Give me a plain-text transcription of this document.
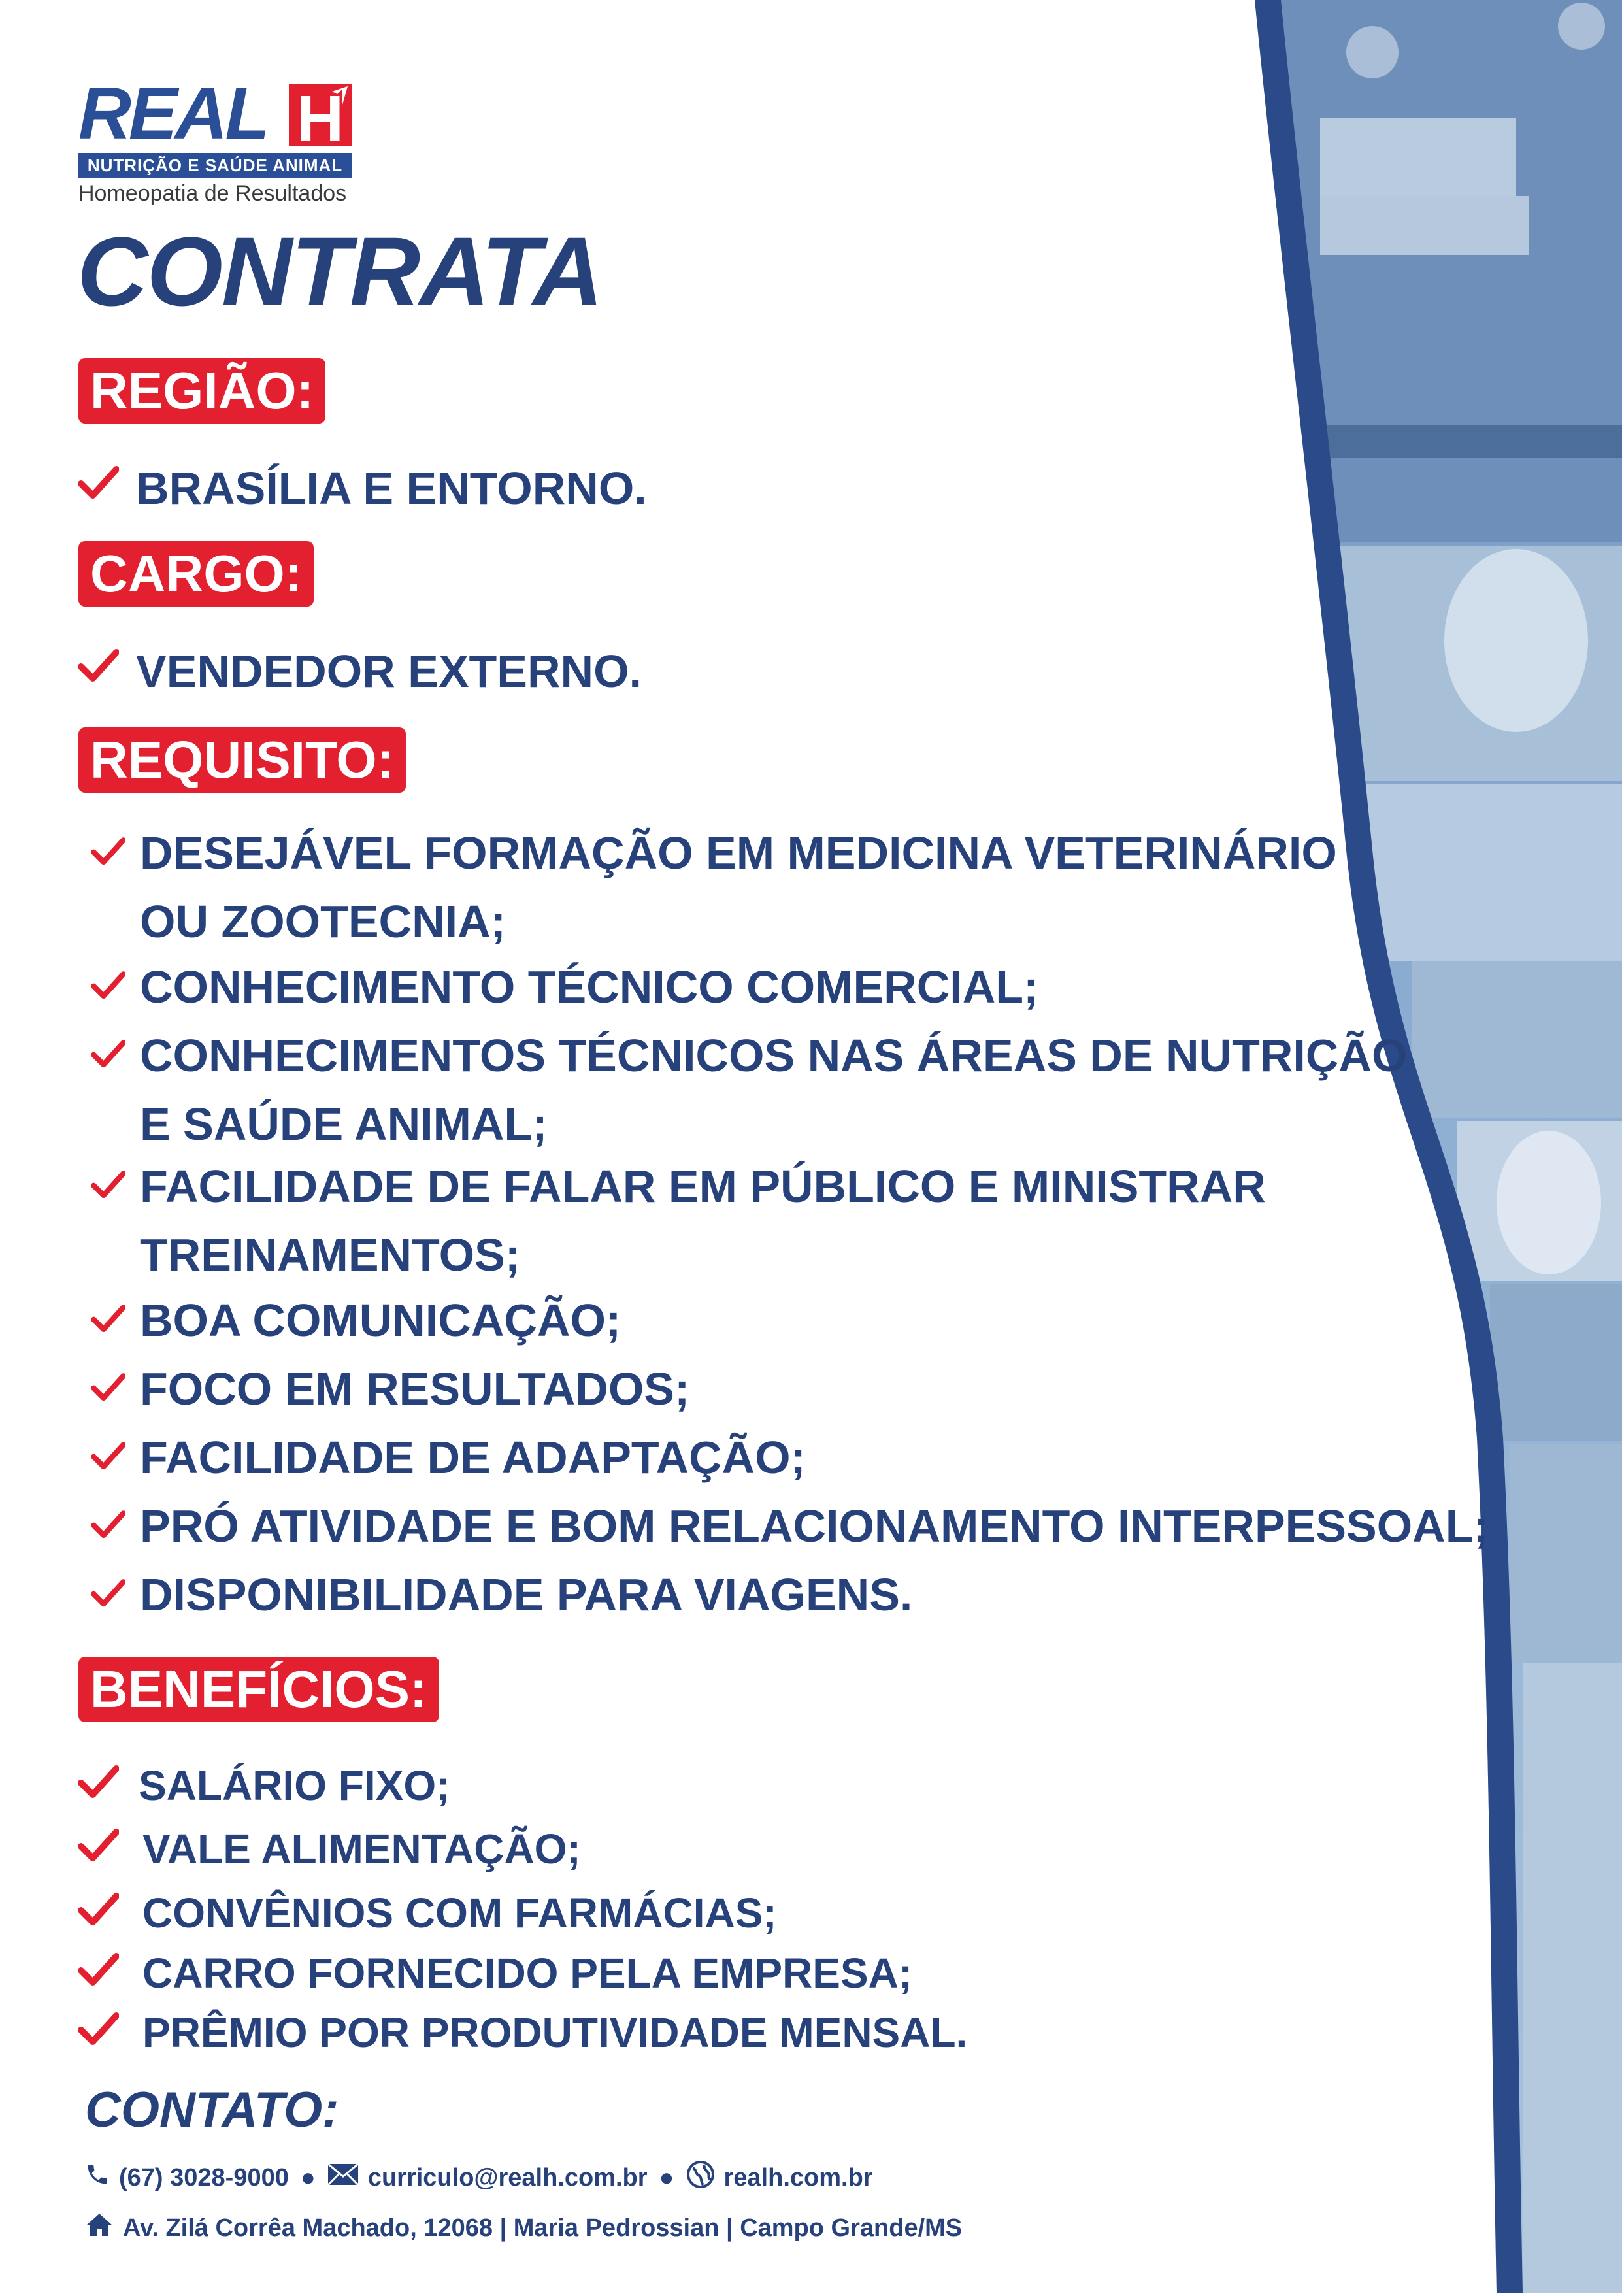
REAL H
NUTRIÇÃO E SAÚDE ANIMAL
Homeopatia de Resultados
CONTRATA
REGIÃO:
BRASÍLIA E ENTORNO.
CARGO:
VENDEDOR EXTERNO.
REQUISITO:
DESEJÁVEL FORMAÇÃO EM MEDICINA VETERINÁRIO
OU ZOOTECNIA;
CONHECIMENTO TÉCNICO COMERCIAL;
CONHECIMENTOS TÉCNICOS NAS ÁREAS DE NUTRIÇÃO
E SAÚDE ANIMAL;
FACILIDADE DE FALAR EM PÚBLICO E MINISTRAR
TREINAMENTOS;
BOA COMUNICAÇÃO;
FOCO EM RESULTADOS;
FACILIDADE DE ADAPTAÇÃO;
PRÓ ATIVIDADE E BOM RELACIONAMENTO INTERPESSOAL;
DISPONIBILIDADE PARA VIAGENS.
BENEFÍCIOS:
SALÁRIO FIXO;
VALE ALIMENTAÇÃO;
CONVÊNIOS COM FARMÁCIAS;
CARRO FORNECIDO PELA EMPRESA;
PRÊMIO POR PRODUTIVIDADE MENSAL.
CONTATO:
(67) 3028-9000 ● curriculo@realh.com.br ● realh.com.br
Av. Zilá Corrêa Machado, 12068 | Maria Pedrossian | Campo Grande/MS
